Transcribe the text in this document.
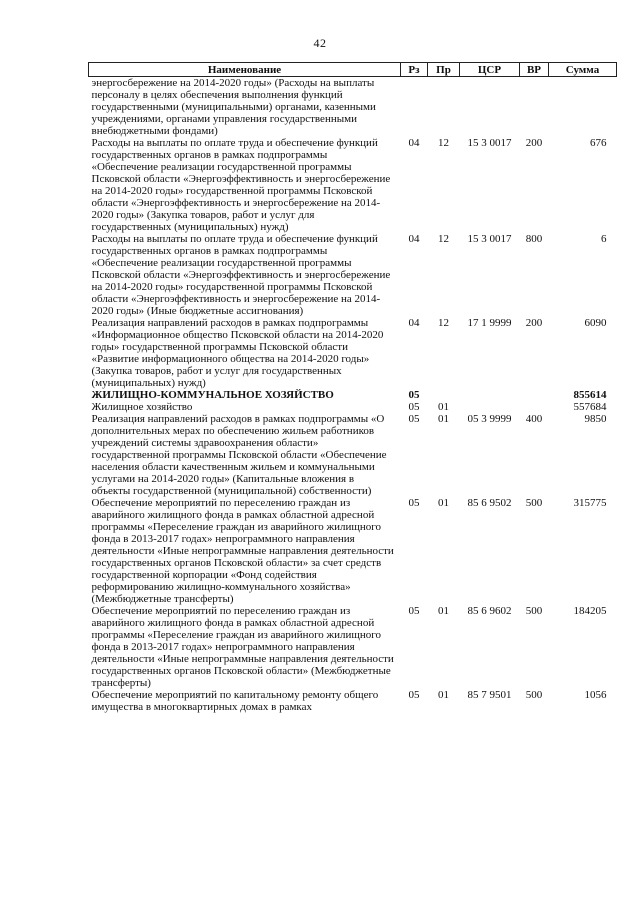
42
Наименование	Рз	Пр	ЦСР	ВР	Сумма
энергосбережение на 2014-2020 годы» (Расходы на выплаты персоналу в целях обеспечения выполнения функций государственными (муниципальными) органами, казенными учреждениями, органами управления государственными внебюджетными фондами)					
Расходы на выплаты по оплате труда и обеспечение функций государственных органов в рамках подпрограммы «Обеспечение реализации государственной программы Псковской области «Энергоэффективность и энергосбережение на 2014-2020 годы» государственной программы Псковской области «Энергоэффективность и энергосбережение на 2014-2020 годы» (Закупка товаров, работ и услуг для государственных (муниципальных) нужд)	04	12	15 3 0017	200	676
Расходы на выплаты по оплате труда и обеспечение функций государственных органов в рамках подпрограммы «Обеспечение реализации государственной программы Псковской области «Энергоэффективность и энергосбережение на 2014-2020 годы» государственной программы Псковской области «Энергоэффективность и энергосбережение на 2014-2020 годы» (Иные бюджетные ассигнования)	04	12	15 3 0017	800	6
Реализация направлений расходов в рамках подпрограммы «Информационное общество Псковской области на 2014-2020 годы» государственной программы Псковской области «Развитие информационного общества на 2014-2020 годы» (Закупка товаров, работ и услуг для государственных (муниципальных) нужд)	04	12	17 1 9999	200	6090
ЖИЛИЩНО-КОММУНАЛЬНОЕ ХОЗЯЙСТВО	05				855614
Жилищное хозяйство	05	01			557684
Реализация направлений расходов в рамках подпрограммы «О дополнительных мерах по обеспечению жильем работников учреждений системы здравоохранения области» государственной программы Псковской области «Обеспечение населения области качественным жильем и коммунальными услугами на 2014-2020 годы» (Капитальные вложения в объекты государственной (муниципальной) собственности)	05	01	05 3 9999	400	9850
Обеспечение мероприятий по переселению граждан из аварийного жилищного фонда в рамках областной адресной программы «Переселение граждан из аварийного жилищного фонда в 2013-2017 годах» непрограммного направления деятельности «Иные непрограммные направления деятельности государственных органов Псковской области» за счет средств государственной корпорации «Фонд содействия реформированию жилищно-коммунального хозяйства» (Межбюджетные трансферты)	05	01	85 6 9502	500	315775
Обеспечение мероприятий по переселению граждан из аварийного жилищного фонда в рамках областной адресной программы «Переселение граждан из аварийного жилищного фонда в 2013-2017 годах» непрограммного направления деятельности «Иные непрограммные направления деятельности государственных органов Псковской области» (Межбюджетные трансферты)	05	01	85 6 9602	500	184205
Обеспечение мероприятий по капитальному ремонту общего имущества в многоквартирных домах в рамках	05	01	85 7 9501	500	1056
